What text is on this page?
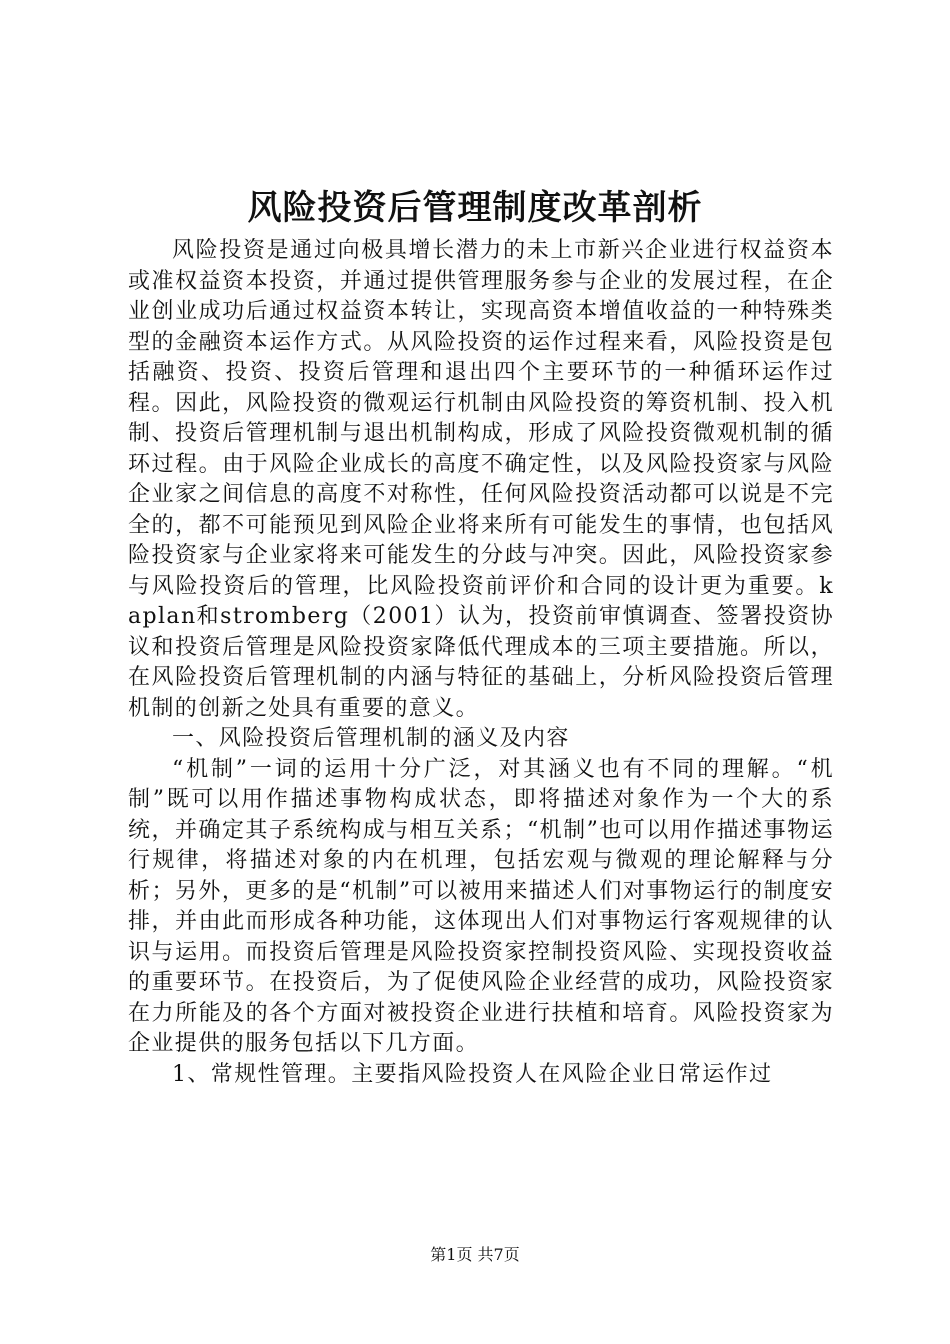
风险投资后管理制度改革剖析

风险投资是通过向极具增长潜力的未上市新兴企业进行权益资本或准权益资本投资，并通过提供管理服务参与企业的发展过程，在企业创业成功后通过权益资本转让，实现高资本增值收益的一种特殊类型的金融资本运作方式。从风险投资的运作过程来看，风险投资是包括融资、投资、投资后管理和退出四个主要环节的一种循环运作过程。因此，风险投资的微观运行机制由风险投资的筹资机制、投入机制、投资后管理机制与退出机制构成，形成了风险投资微观机制的循环过程。由于风险企业成长的高度不确定性，以及风险投资家与风险企业家之间信息的高度不对称性，任何风险投资活动都可以说是不完全的，都不可能预见到风险企业将来所有可能发生的事情，也包括风险投资家与企业家将来可能发生的分歧与冲突。因此，风险投资家参与风险投资后的管理，比风险投资前评价和合同的设计更为重要。kaplan和stromberg（2001）认为，投资前审慎调查、签署投资协议和投资后管理是风险投资家降低代理成本的三项主要措施。所以，在风险投资后管理机制的内涵与特征的基础上，分析风险投资后管理机制的创新之处具有重要的意义。

一、风险投资后管理机制的涵义及内容

“机制”一词的运用十分广泛，对其涵义也有不同的理解。“机制”既可以用作描述事物构成状态，即将描述对象作为一个大的系统，并确定其子系统构成与相互关系；“机制”也可以用作描述事物运行规律，将描述对象的内在机理，包括宏观与微观的理论解释与分析；另外，更多的是“机制”可以被用来描述人们对事物运行的制度安排，并由此而形成各种功能，这体现出人们对事物运行客观规律的认识与运用。而投资后管理是风险投资家控制投资风险、实现投资收益的重要环节。在投资后，为了促使风险企业经营的成功，风险投资家在力所能及的各个方面对被投资企业进行扶植和培育。风险投资家为企业提供的服务包括以下几方面。

1、常规性管理。主要指风险投资人在风险企业日常运作过

第1页 共7页
